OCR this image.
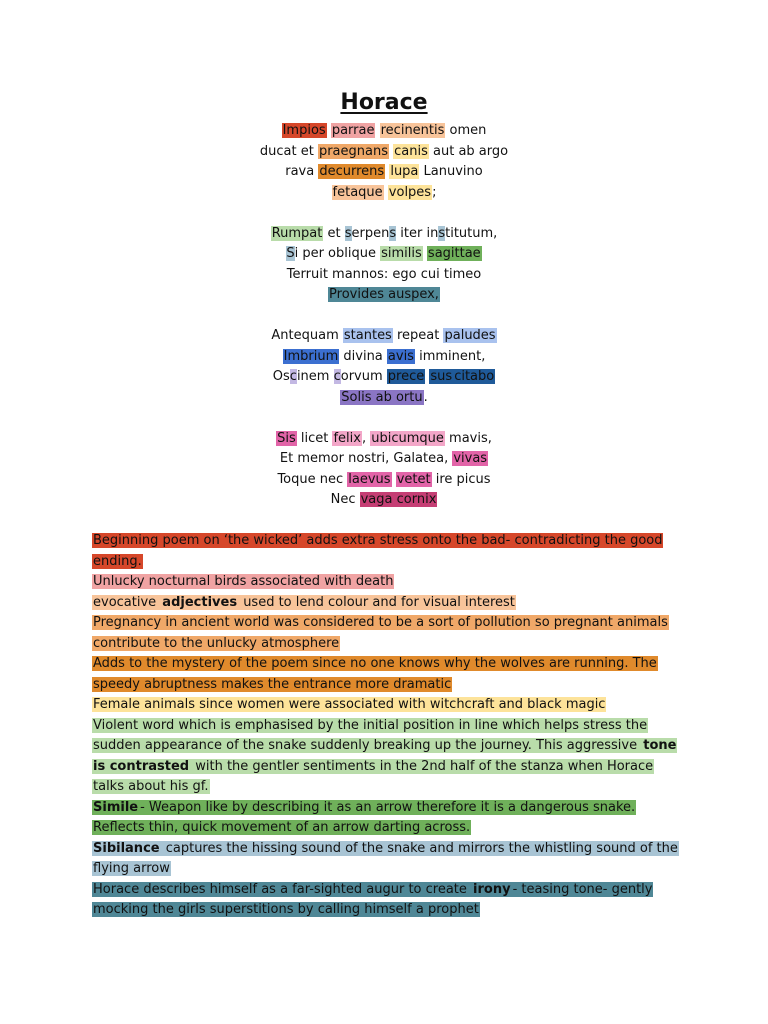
Horace
Impios parrae recinentis omen
ducat et praegnans canis aut ab argo
rava decurrens lupa Lanuvino
fetaque volpes;
Rumpat et serpens iter institutum,
Si per oblique similis sagittae
Terruit mannos: ego cui timeo
Provides auspex,
Antequam stantes repeat paludes
Imbrium divina avis imminent,
Oscinem corvum prece sus citabo
Solis ab ortu.
Sis licet felix, ubicumque mavis,
Et memor nostri, Galatea, vivas
Toque nec laevus vetet ire picus
Nec vaga cornix

Beginning poem on ‘the wicked’ adds extra stress onto the bad- contradicting the good ending.

Unlucky nocturnal birds associated with death

evocative adjectives used to lend colour and for visual interest

Pregnancy in ancient world was considered to be a sort of pollution so pregnant animals contribute to the unlucky atmosphere

Adds to the mystery of the poem since no one knows why the wolves are running. The speedy abruptness makes the entrance more dramatic

Female animals since women were associated with witchcraft and black magic

Violent word which is emphasised by the initial position in line which helps stress the sudden appearance of the snake suddenly breaking up the journey. This aggressive tone is contrasted with the gentler sentiments in the 2nd half of the stanza when Horace talks about his gf.

Simile - Weapon like by describing it as an arrow therefore it is a dangerous snake. Reflects thin, quick movement of an arrow darting across.

Sibilance captures the hissing sound of the snake and mirrors the whistling sound of the flying arrow

Horace describes himself as a far-sighted augur to create irony - teasing tone- gently mocking the girls superstitions by calling himself a prophet
